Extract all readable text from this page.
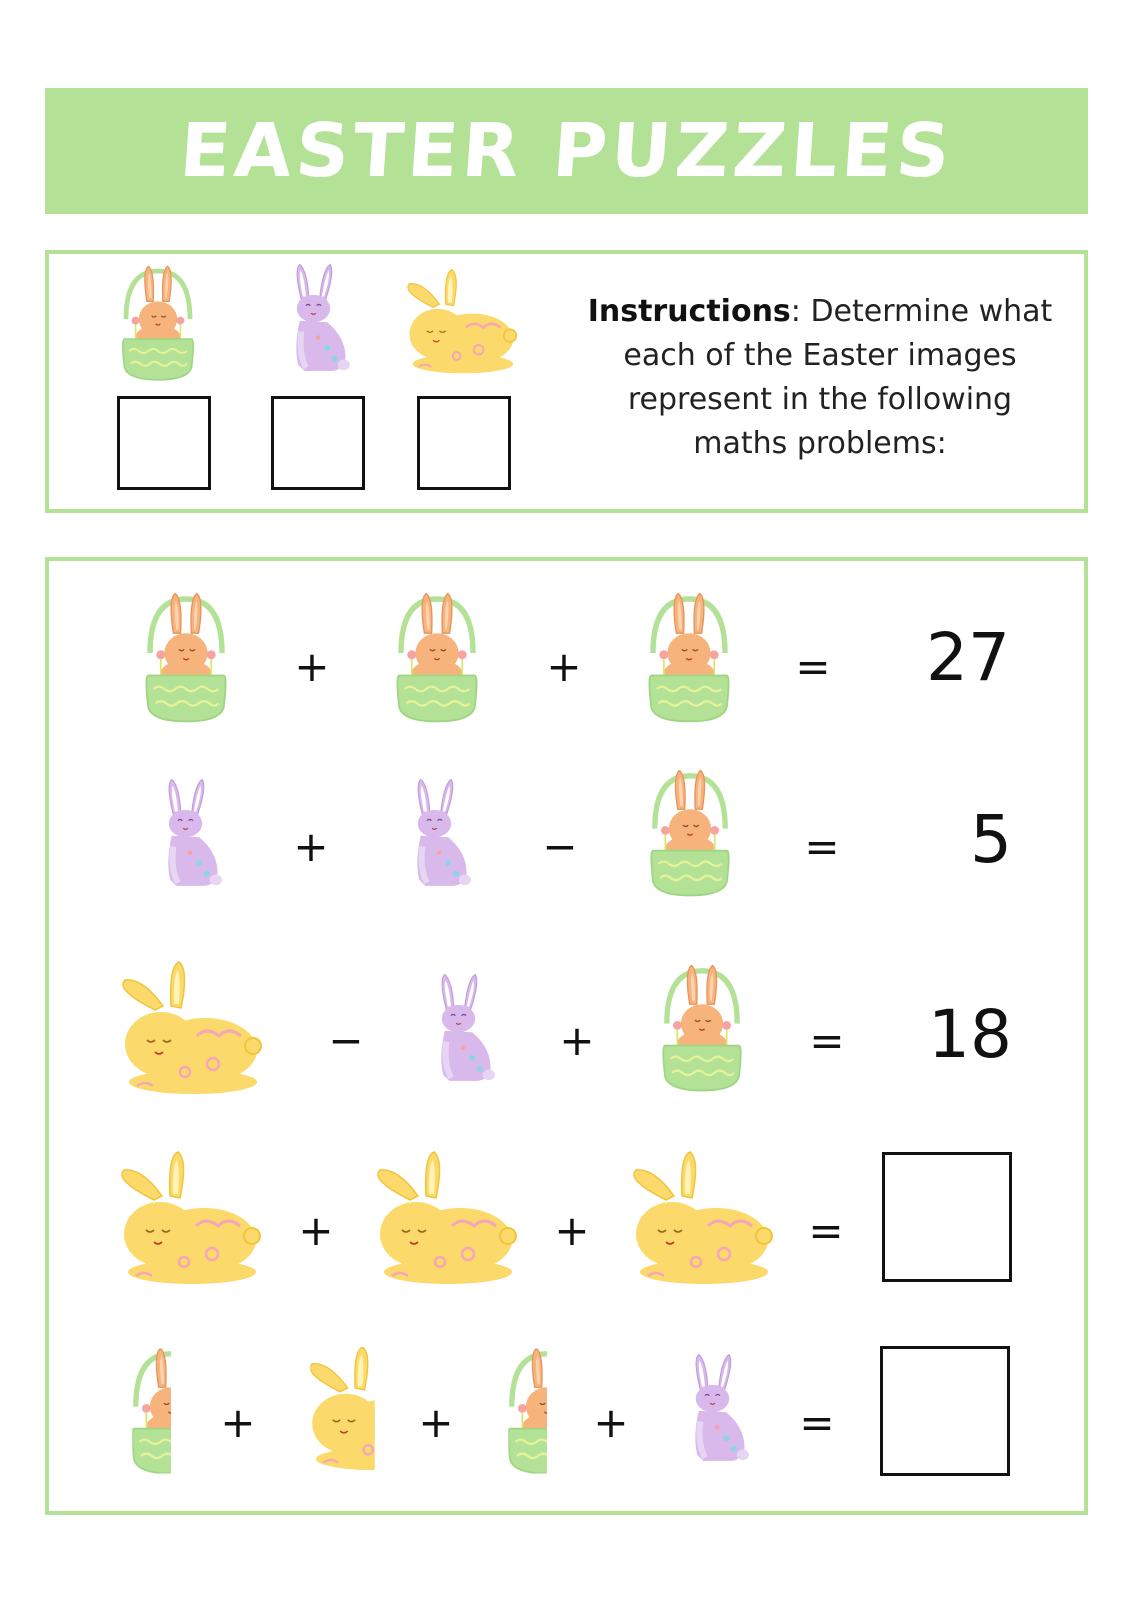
EASTER PUZZLES
Instructions: Determine what each of the Easter images represent in the following maths problems:
+	+	=	27
+	−	=	5
−	+	=	18
+	+	=
+	+	+	=
